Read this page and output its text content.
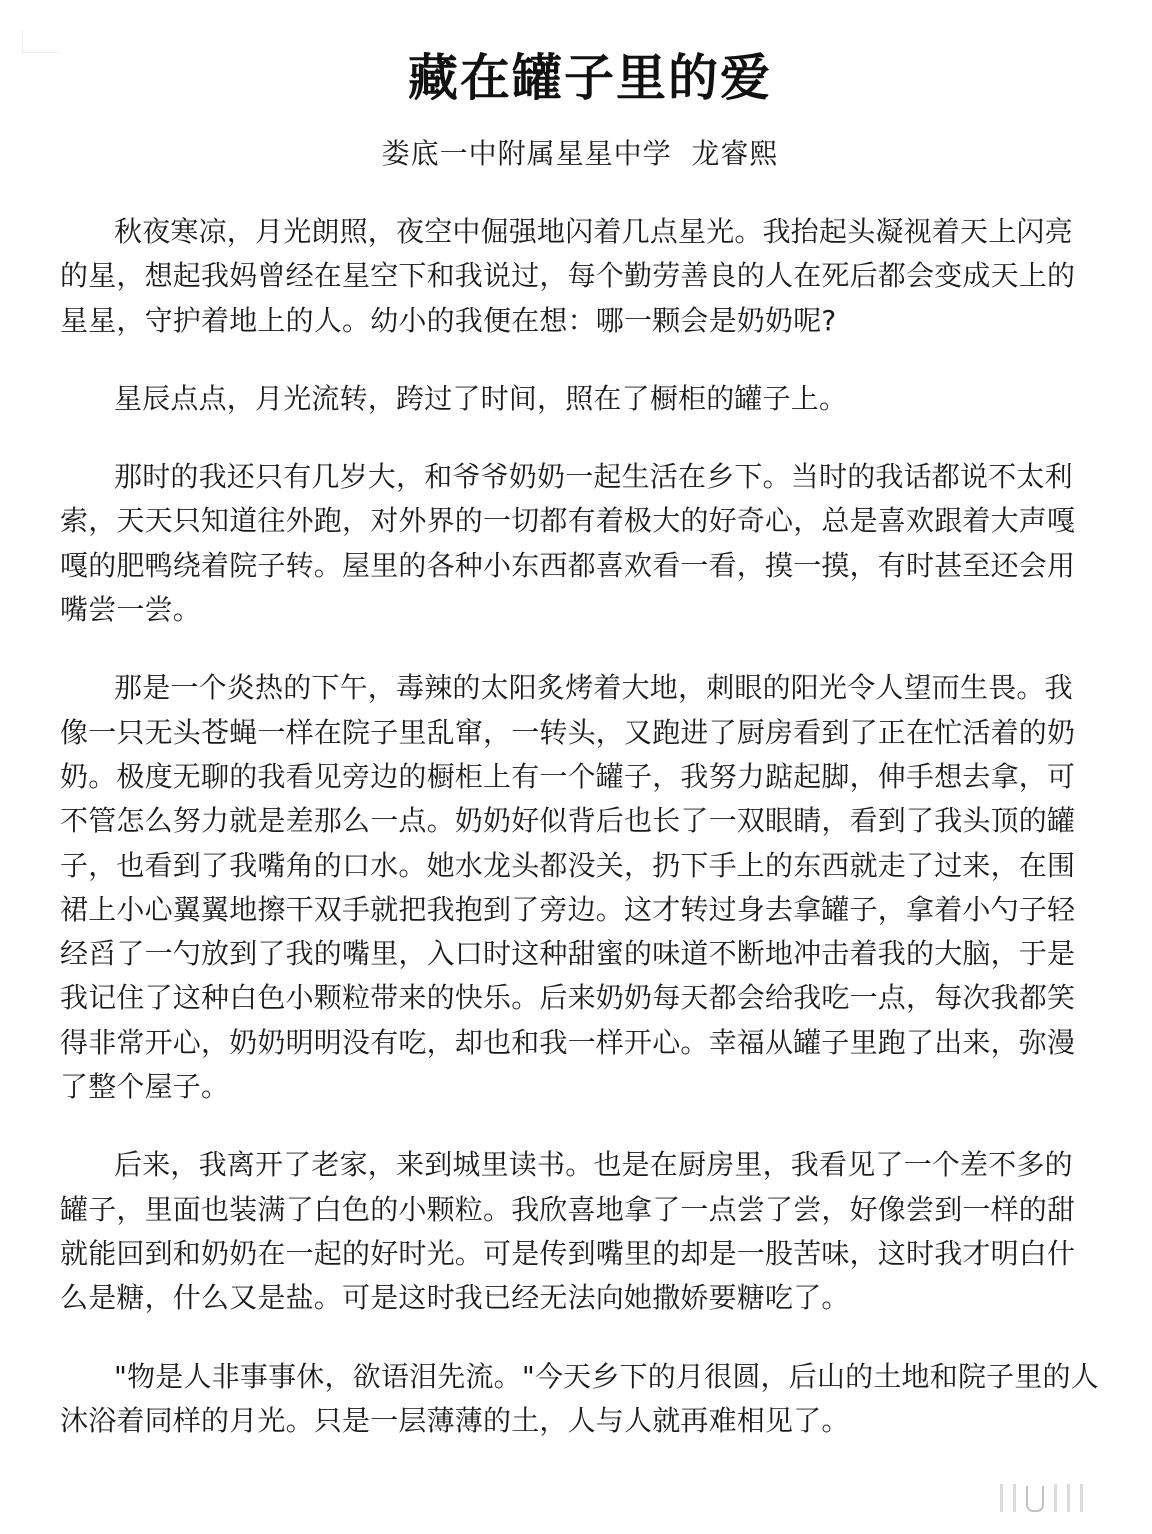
藏在罐子里的爱
娄底一中附属星星中学  龙睿熙
秋夜寒凉，月光朗照，夜空中倔强地闪着几点星光。我抬起头凝视着天上闪亮
的星，想起我妈曾经在星空下和我说过，每个勤劳善良的人在死后都会变成天上的
星星，守护着地上的人。幼小的我便在想：哪一颗会是奶奶呢?
星辰点点，月光流转，跨过了时间，照在了橱柜的罐子上。
那时的我还只有几岁大，和爷爷奶奶一起生活在乡下。当时的我话都说不太利
索，天天只知道往外跑，对外界的一切都有着极大的好奇心，总是喜欢跟着大声嘎
嘎的肥鸭绕着院子转。屋里的各种小东西都喜欢看一看，摸一摸，有时甚至还会用
嘴尝一尝。
那是一个炎热的下午，毒辣的太阳炙烤着大地，刺眼的阳光令人望而生畏。我
像一只无头苍蝇一样在院子里乱窜，一转头，又跑进了厨房看到了正在忙活着的奶
奶。极度无聊的我看见旁边的橱柜上有一个罐子，我努力踮起脚，伸手想去拿，可
不管怎么努力就是差那么一点。奶奶好似背后也长了一双眼睛，看到了我头顶的罐
子，也看到了我嘴角的口水。她水龙头都没关，扔下手上的东西就走了过来，在围
裙上小心翼翼地擦干双手就把我抱到了旁边。这才转过身去拿罐子，拿着小勺子轻
经舀了一勺放到了我的嘴里，入口时这种甜蜜的味道不断地冲击着我的大脑，于是
我记住了这种白色小颗粒带来的快乐。后来奶奶每天都会给我吃一点，每次我都笑
得非常开心，奶奶明明没有吃，却也和我一样开心。幸福从罐子里跑了出来，弥漫
了整个屋子。
后来，我离开了老家，来到城里读书。也是在厨房里，我看见了一个差不多的
罐子，里面也装满了白色的小颗粒。我欣喜地拿了一点尝了尝，好像尝到一样的甜
就能回到和奶奶在一起的好时光。可是传到嘴里的却是一股苦味，这时我才明白什
么是糖，什么又是盐。可是这时我已经无法向她撒娇要糖吃了。
"物是人非事事休，欲语泪先流。"今天乡下的月很圆，后山的土地和院子里的人
沐浴着同样的月光。只是一层薄薄的土，人与人就再难相见了。
